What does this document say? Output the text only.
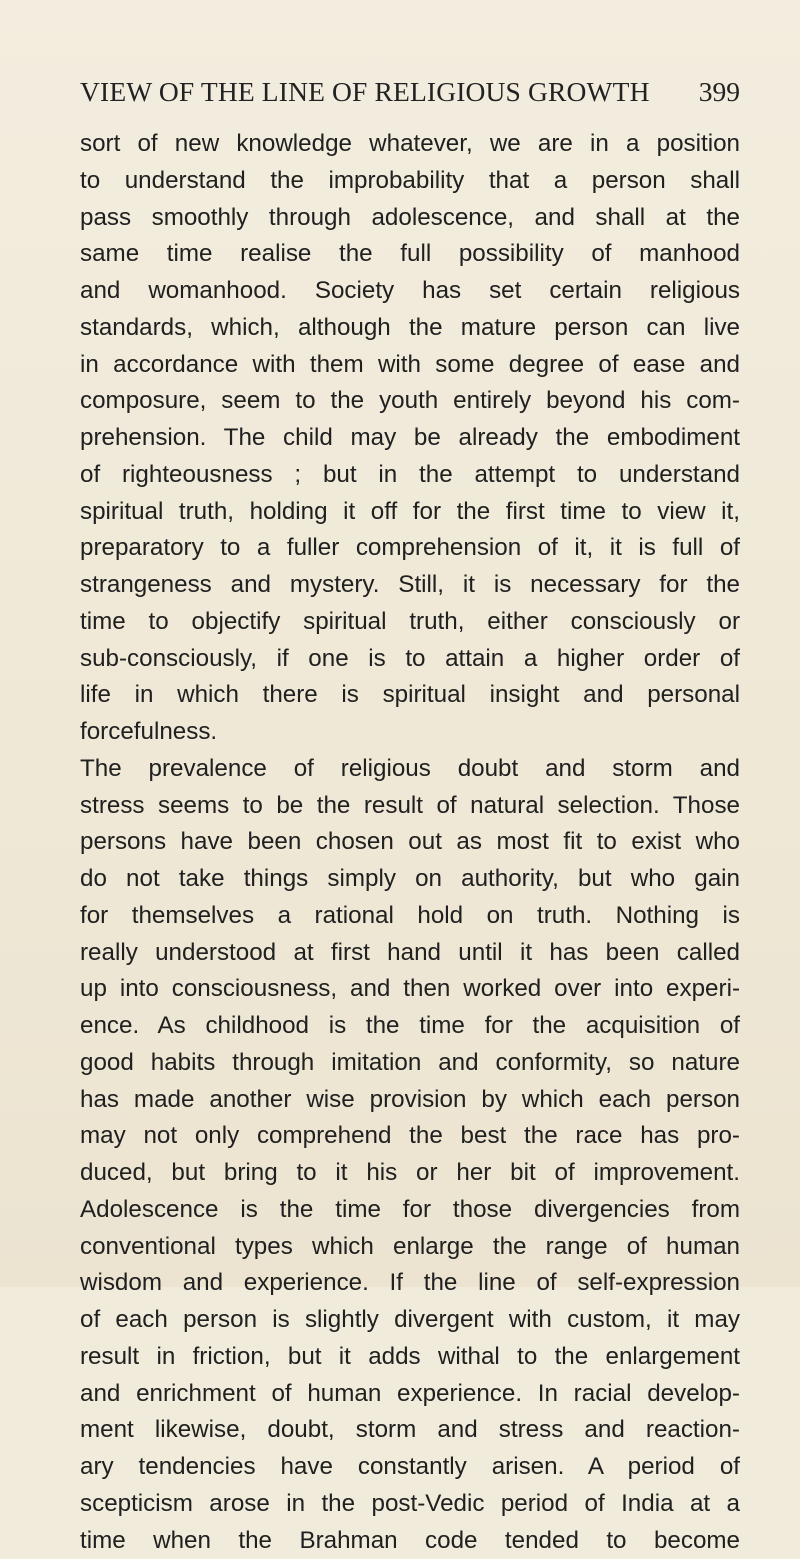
VIEW OF THE LINE OF RELIGIOUS GROWTH 399
sort of new knowledge whatever, we are in a position
to understand the improbability that a person shall
pass smoothly through adolescence, and shall at the
same time realise the full possibility of manhood
and womanhood. Society has set certain religious
standards, which, although the mature person can live
in accordance with them with some degree of ease and
composure, seem to the youth entirely beyond his com-
prehension. The child may be already the embodiment
of righteousness ; but in the attempt to understand
spiritual truth, holding it off for the first time to view it,
preparatory to a fuller comprehension of it, it is full of
strangeness and mystery. Still, it is necessary for the
time to objectify spiritual truth, either consciously or
sub-consciously, if one is to attain a higher order of
life in which there is spiritual insight and personal
forcefulness.
The prevalence of religious doubt and storm and
stress seems to be the result of natural selection. Those
persons have been chosen out as most fit to exist who
do not take things simply on authority, but who gain
for themselves a rational hold on truth. Nothing is
really understood at first hand until it has been called
up into consciousness, and then worked over into experi-
ence. As childhood is the time for the acquisition of
good habits through imitation and conformity, so nature
has made another wise provision by which each person
may not only comprehend the best the race has pro-
duced, but bring to it his or her bit of improvement.
Adolescence is the time for those divergencies from
conventional types which enlarge the range of human
wisdom and experience. If the line of self-expression
of each person is slightly divergent with custom, it may
result in friction, but it adds withal to the enlargement
and enrichment of human experience. In racial develop-
ment likewise, doubt, storm and stress and reaction-
ary tendencies have constantly arisen. A period of
scepticism arose in the post-Vedic period of India at a
time when the Brahman code tended to become
